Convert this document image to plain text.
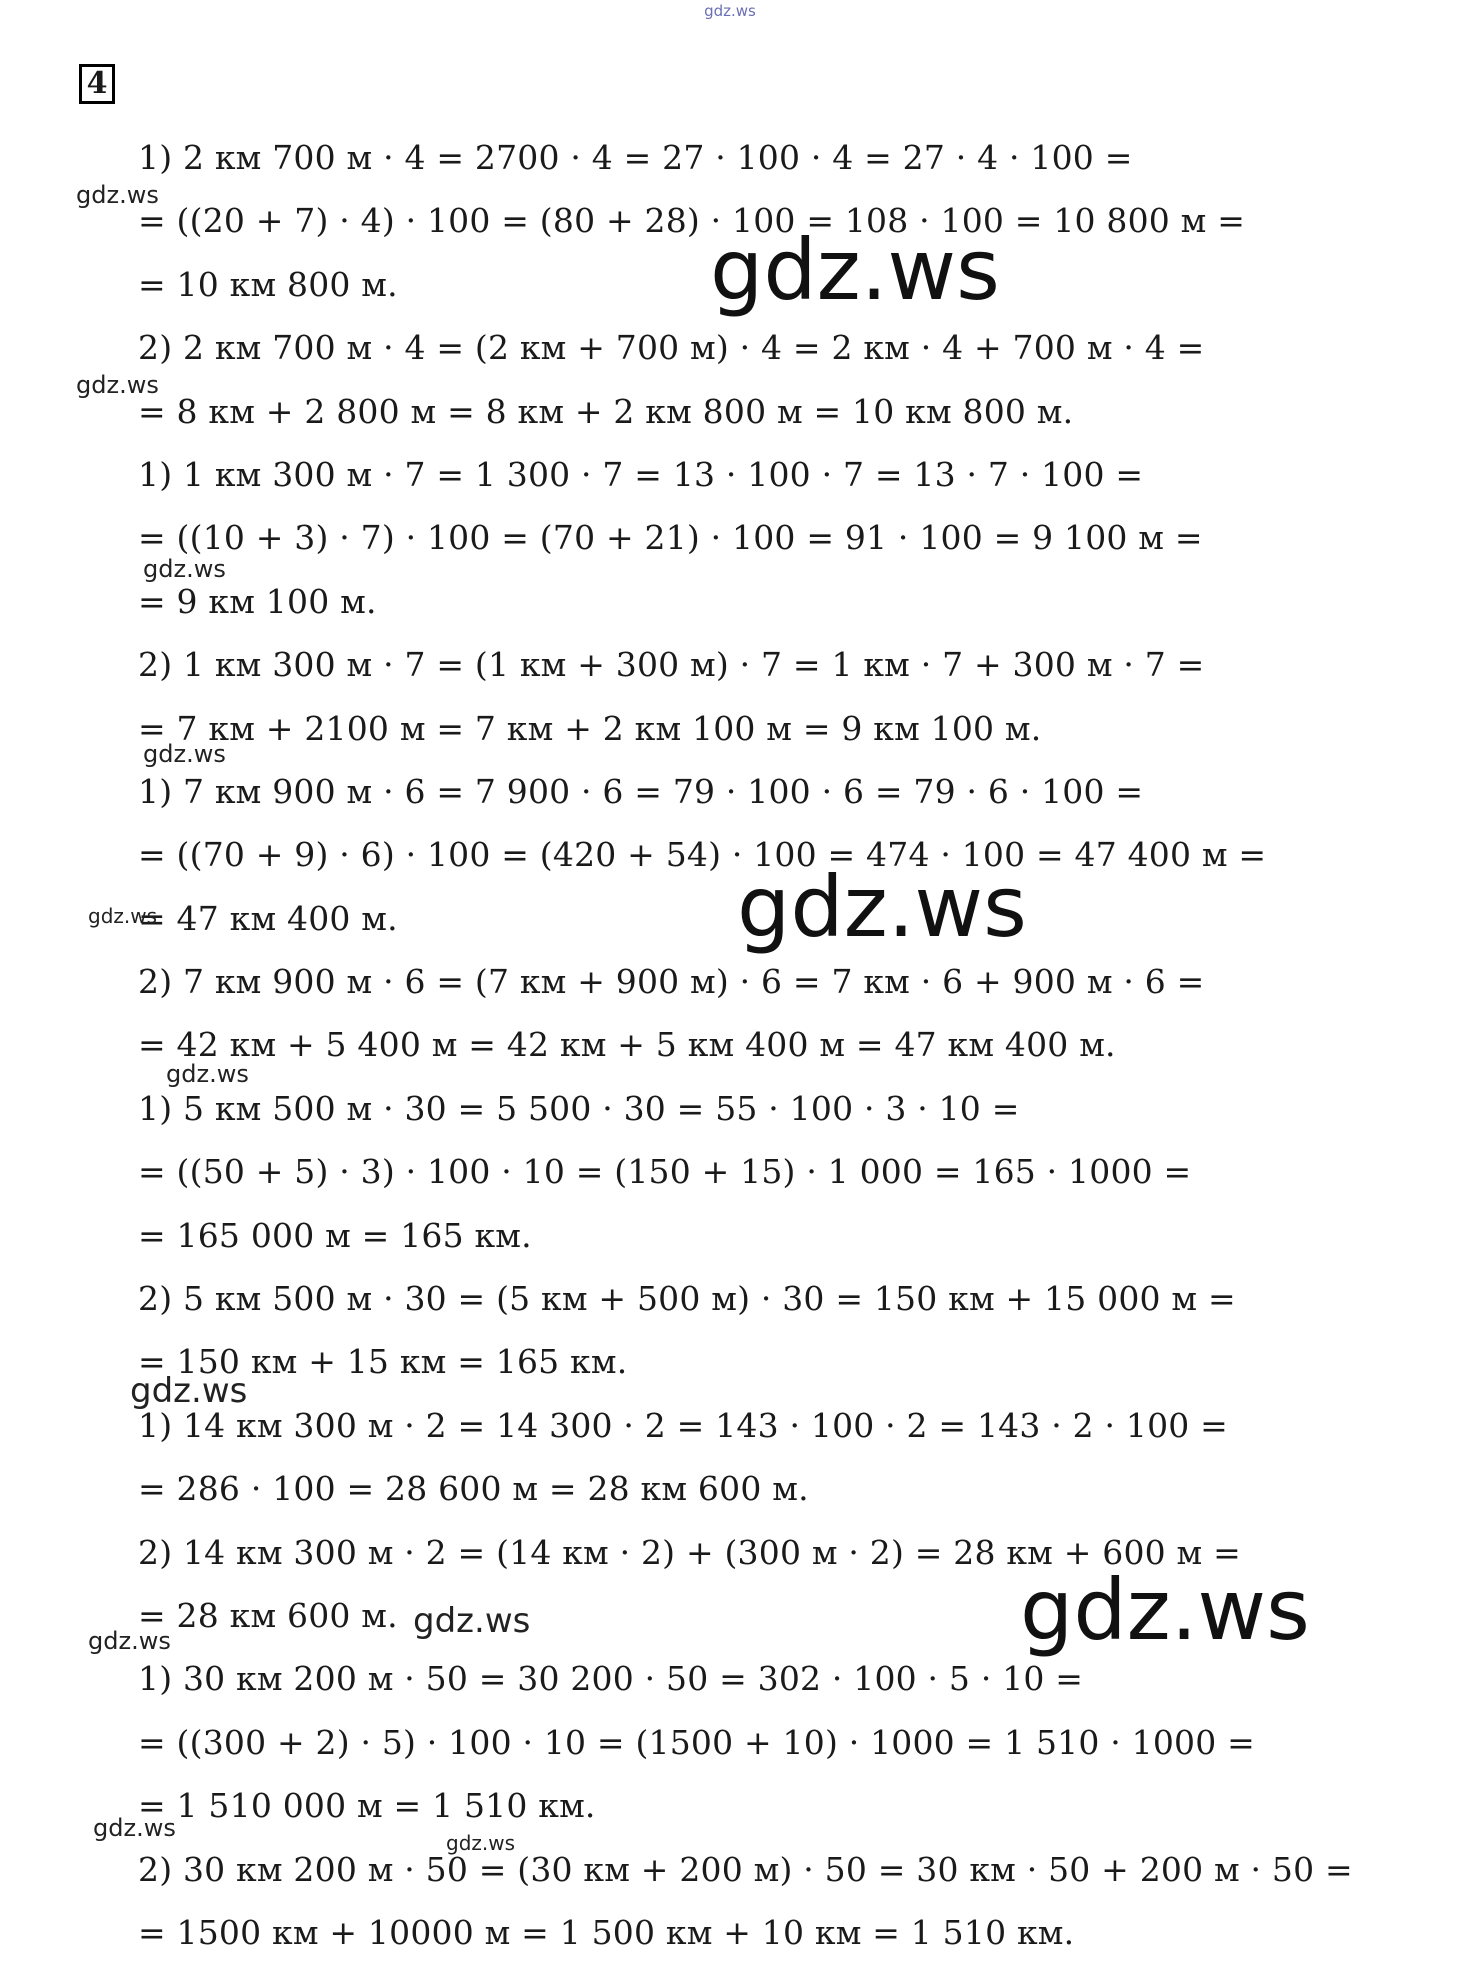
gdz.ws
4
1) 2 км 700 м · 4 = 2700 · 4 = 27 · 100 · 4 = 27 · 4 · 100 =
= ((20 + 7) · 4) · 100 = (80 + 28) · 100 = 108 · 100 = 10 800 м =
= 10 км 800 м.
2) 2 км 700 м · 4 = (2 км + 700 м) · 4 = 2 км · 4 + 700 м · 4 =
= 8 км + 2 800 м = 8 км + 2 км 800 м = 10 км 800 м.
1) 1 км 300 м · 7 = 1 300 · 7 = 13 · 100 · 7 = 13 · 7 · 100 =
= ((10 + 3) · 7) · 100 = (70 + 21) · 100 = 91 · 100 = 9 100 м =
= 9 км 100 м.
2) 1 км 300 м · 7 = (1 км + 300 м) · 7 = 1 км · 7 + 300 м · 7 =
= 7 км + 2100 м = 7 км + 2 км 100 м = 9 км 100 м.
1) 7 км 900 м · 6 = 7 900 · 6 = 79 · 100 · 6 = 79 · 6 · 100 =
= ((70 + 9) · 6) · 100 = (420 + 54) · 100 = 474 · 100 = 47 400 м =
= 47 км 400 м.
2) 7 км 900 м · 6 = (7 км + 900 м) · 6 = 7 км · 6 + 900 м · 6 =
= 42 км + 5 400 м = 42 км + 5 км 400 м = 47 км 400 м.
1) 5 км 500 м · 30 = 5 500 · 30 = 55 · 100 · 3 · 10 =
= ((50 + 5) · 3) · 100 · 10 = (150 + 15) · 1 000 = 165 · 1000 =
= 165 000 м = 165 км.
2) 5 км 500 м · 30 = (5 км + 500 м) · 30 = 150 км + 15 000 м =
= 150 км + 15 км = 165 км.
1) 14 км 300 м · 2 = 14 300 · 2 = 143 · 100 · 2 = 143 · 2 · 100 =
= 286 · 100 = 28 600 м = 28 км 600 м.
2) 14 км 300 м · 2 = (14 км · 2) + (300 м · 2) = 28 км + 600 м =
= 28 км 600 м.
1) 30 км 200 м · 50 = 30 200 · 50 = 302 · 100 · 5 · 10 =
= ((300 + 2) · 5) · 100 · 10 = (1500 + 10) · 1000 = 1 510 · 1000 =
= 1 510 000 м = 1 510 км.
2) 30 км 200 м · 50 = (30 км + 200 м) · 50 = 30 км · 50 + 200 м · 50 =
= 1500 км + 10000 м = 1 500 км + 10 км = 1 510 км.
gdz.ws
gdz.ws
gdz.ws
gdz.ws
gdz.ws
gdz.ws	gdz.ws
gdz.ws
gdz.ws
gdz.ws	gdz.ws
gdz.ws
gdz.ws
gdz.ws
